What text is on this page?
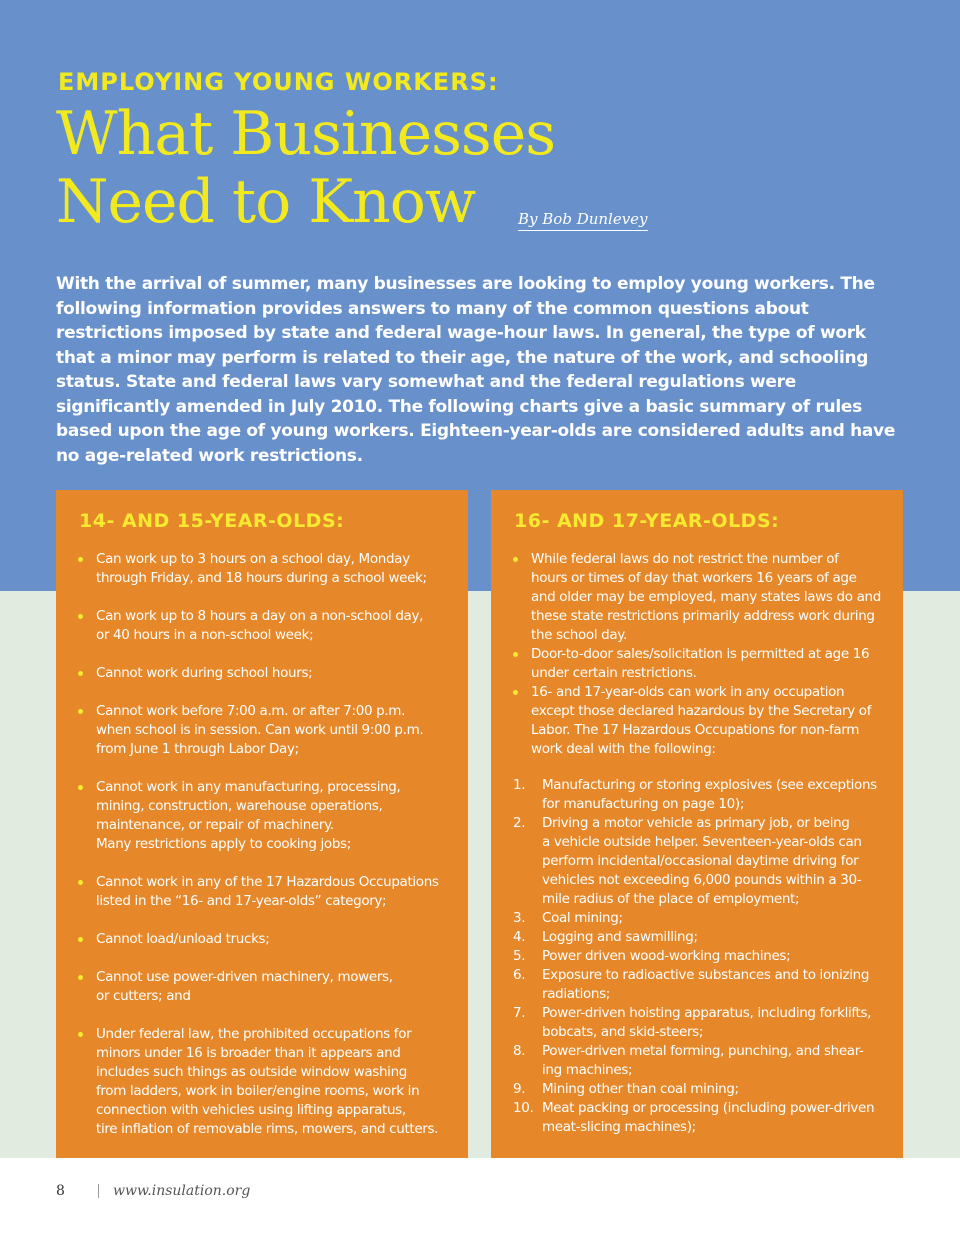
EMPLOYING YOUNG WORKERS:
What Businesses
Need to Know	By Bob Dunlevey
With the arrival of summer, many businesses are looking to employ young workers. The following information provides answers to many of the common questions about restrictions imposed by state and federal wage-hour laws. In general, the type of work that a minor may perform is related to their age, the nature of the work, and schooling status. State and federal laws vary somewhat and the federal regulations were significantly amended in July 2010. The following charts give a basic summary of rules based upon the age of young workers. Eighteen-year-olds are considered adults and have no age-related work restrictions.
14- AND 15-YEAR-OLDS:
Can work up to 3 hours on a school day, Monday
through Friday, and 18 hours during a school week;
Can work up to 8 hours a day on a non-school day,
or 40 hours in a non-school week;
Cannot work during school hours;
Cannot work before 7:00 a.m. or after 7:00 p.m.
when school is in session. Can work until 9:00 p.m.
from June 1 through Labor Day;
Cannot work in any manufacturing, processing,
mining, construction, warehouse operations,
maintenance, or repair of machinery.
Many restrictions apply to cooking jobs;
Cannot work in any of the 17 Hazardous Occupations
listed in the “16- and 17-year-olds” category;
Cannot load/unload trucks;
Cannot use power-driven machinery, mowers,
or cutters; and
Under federal law, the prohibited occupations for
minors under 16 is broader than it appears and
includes such things as outside window washing
from ladders, work in boiler/engine rooms, work in
connection with vehicles using lifting apparatus,
tire inflation of removable rims, mowers, and cutters.
16- AND 17-YEAR-OLDS:
While federal laws do not restrict the number of
hours or times of day that workers 16 years of age
and older may be employed, many states laws do and
these state restrictions primarily address work during
the school day.
Door-to-door sales/solicitation is permitted at age 16
under certain restrictions.
16- and 17-year-olds can work in any occupation
except those declared hazardous by the Secretary of
Labor. The 17 Hazardous Occupations for non-farm
work deal with the following:
1. Manufacturing or storing explosives (see exceptions
for manufacturing on page 10);
2. Driving a motor vehicle as primary job, or being
a vehicle outside helper. Seventeen-year-olds can
perform incidental/occasional daytime driving for
vehicles not exceeding 6,000 pounds within a 30-
mile radius of the place of employment;
3. Coal mining;
4. Logging and sawmilling;
5. Power driven wood-working machines;
6. Exposure to radioactive substances and to ionizing
radiations;
7. Power-driven hoisting apparatus, including forklifts,
bobcats, and skid-steers;
8. Power-driven metal forming, punching, and shear-
ing machines;
9. Mining other than coal mining;
10. Meat packing or processing (including power-driven
meat-slicing machines);
8	www.insulation.org
